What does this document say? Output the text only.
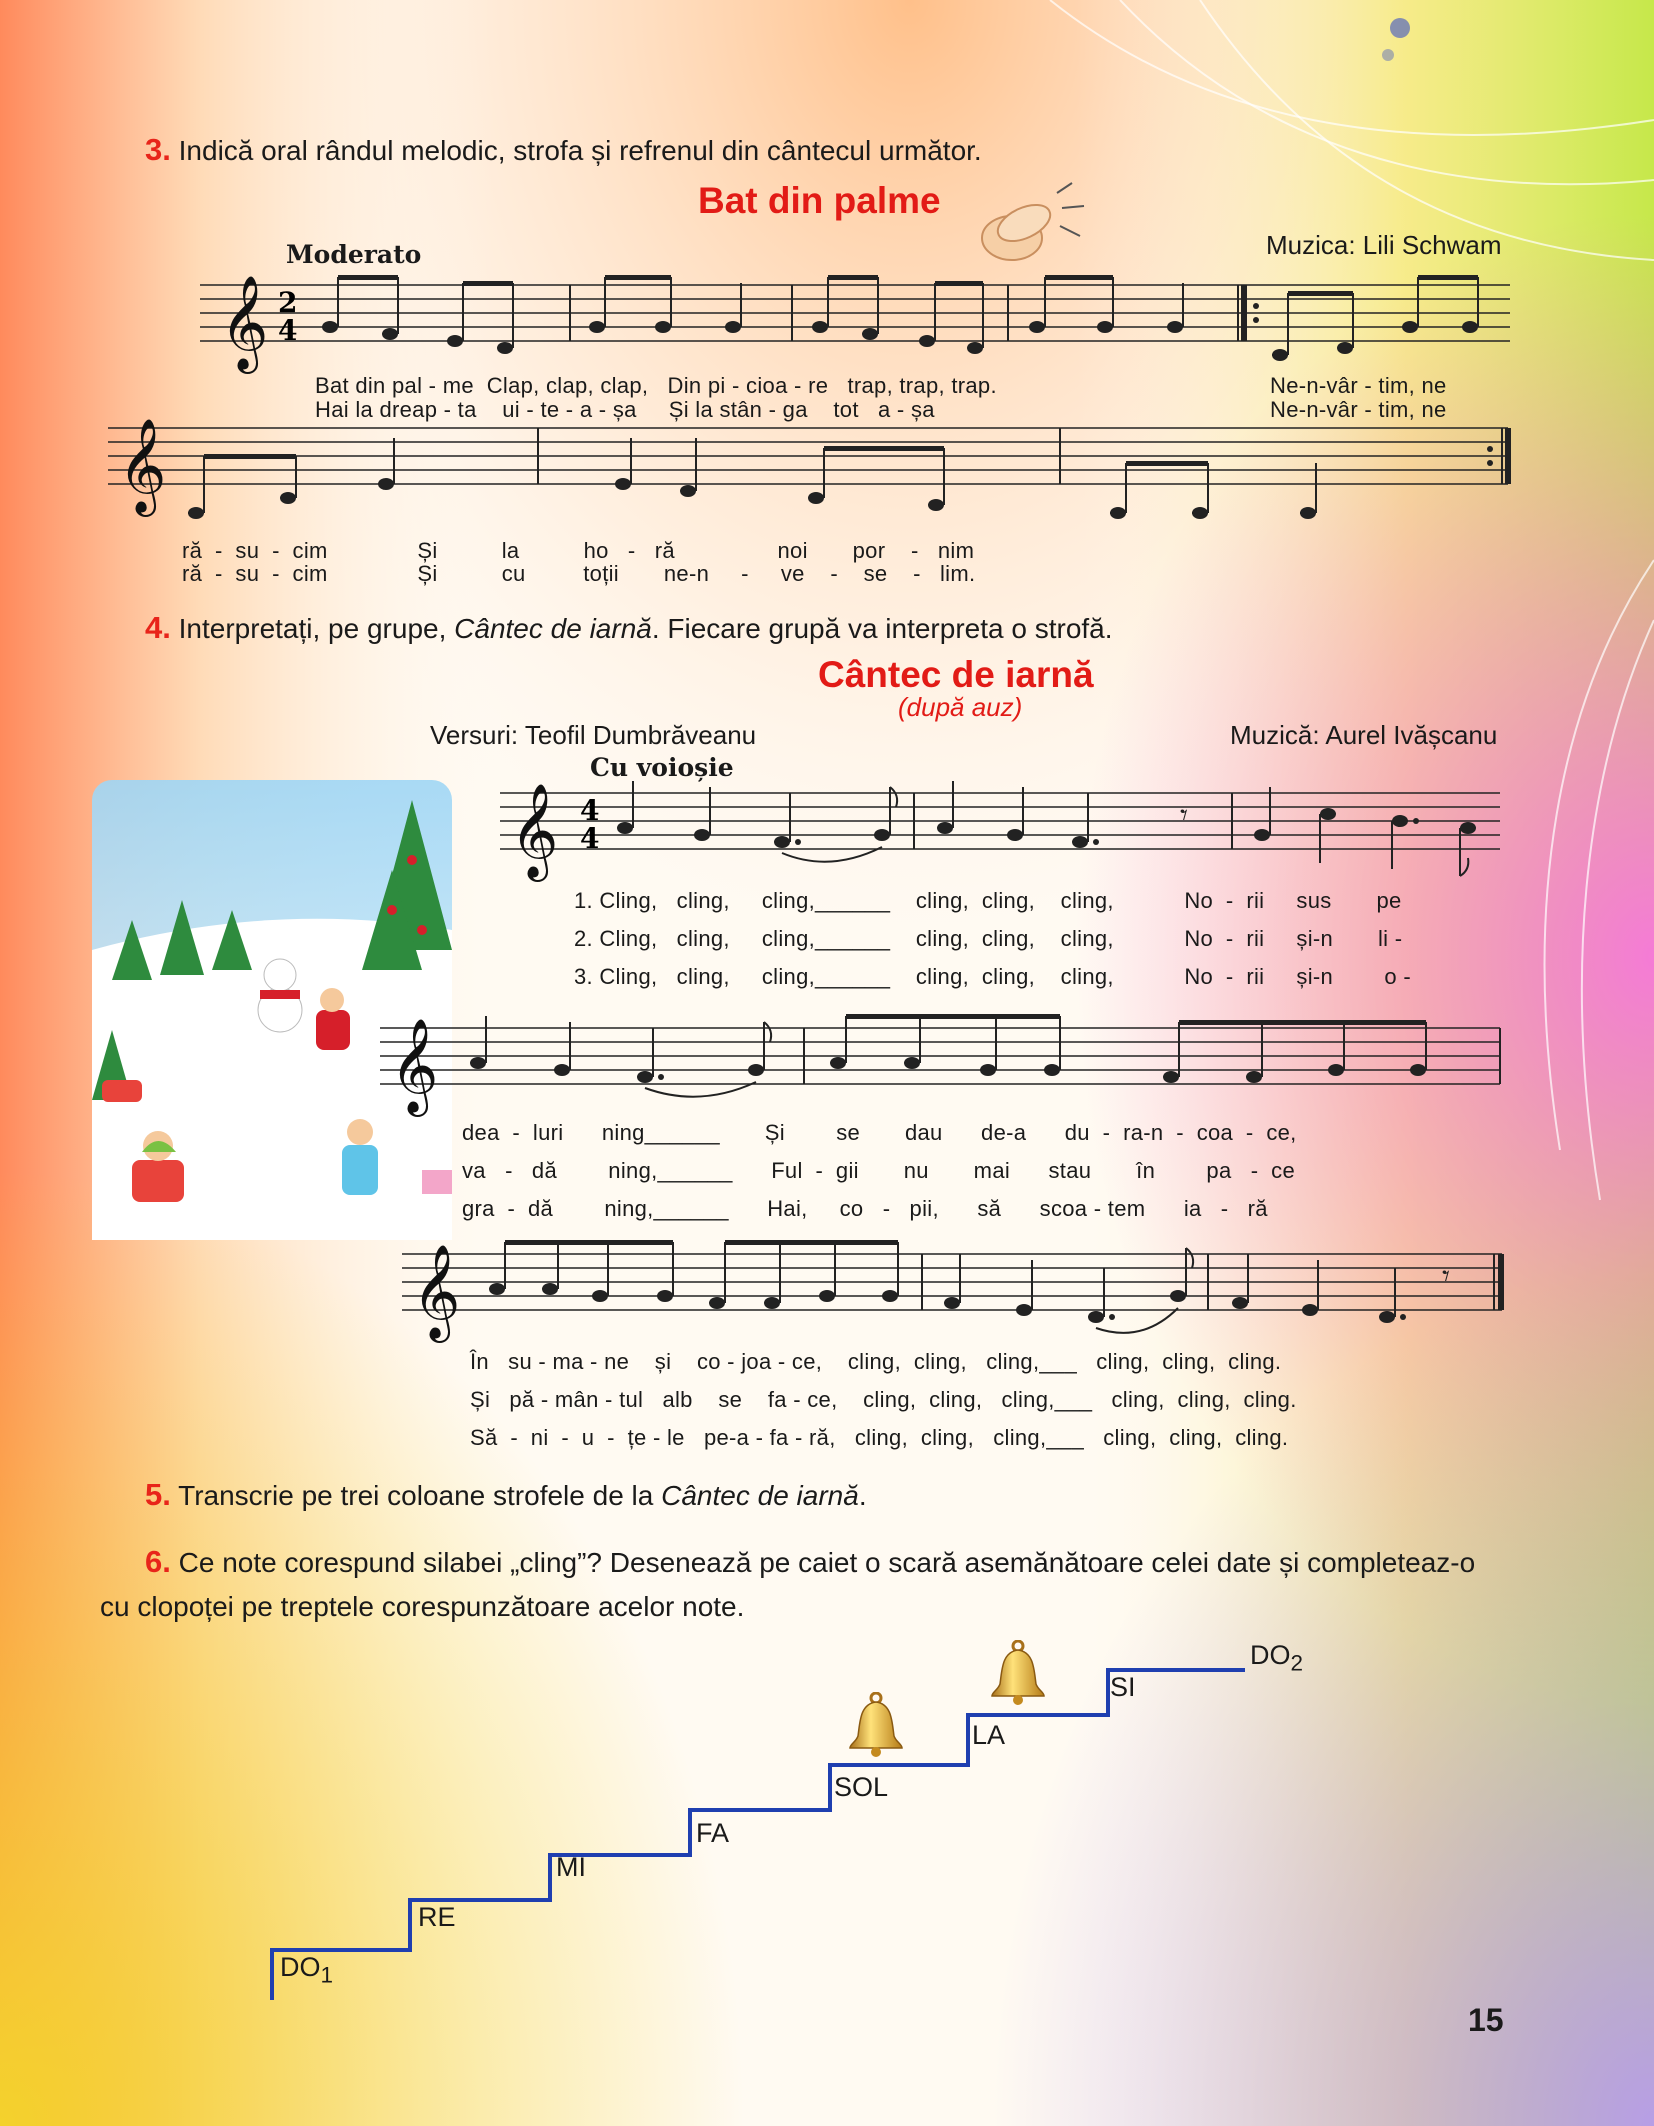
3. Indică oral rândul melodic, strofa și refrenul din cântecul următor.
Bat din palme
Muzica: Lili Schwam
Moderato
𝄞 2
4
Bat din pal - me  Clap, clap, clap,   Din pi - cioa - re   trap, trap, trap.
Hai la dreap - ta    ui - te - a - șa     Și la stân - ga    tot   a - șa
Ne-n-vâr - tim, ne
Ne-n-vâr - tim, ne
𝄞
ră  -  su  -  cim              Și          la          ho   -   ră                noi       por    -   nim
ră  -  su  -  cim              Și          cu         toții       ne-n     -     ve    -    se    -   lim.
4. Interpretați, pe grupe, Cântec de iarnă. Fiecare grupă va interpreta o strofă.
Cântec de iarnă
(după auz)
Versuri: Teofil Dumbrăveanu	Muzică: Aurel Ivășcanu
Cu voioșie
𝄞 4
4
𝄾
1. Cling,   cling,     cling,______    cling,  cling,    cling,           No  -  rii     sus       pe
2. Cling,   cling,     cling,______    cling,  cling,    cling,           No  -  rii     și-n       li -
3. Cling,   cling,     cling,______    cling,  cling,    cling,           No  -  rii     și-n        o -
𝄞
dea  -  luri      ning______       Și        se       dau      de-a      du  -  ra-n  -  coa  -  ce,
va   -   dă        ning,______      Ful  -  gii       nu       mai      stau       în        pa   -  ce
gra  -  dă        ning,______      Hai,     co   -   pii,      să      scoa - tem      ia   -   ră
𝄞	𝄾
În   su - ma - ne    și    co - joa - ce,    cling,  cling,   cling,___   cling,  cling,  cling.
Și   pă - mân - tul   alb    se    fa - ce,    cling,  cling,   cling,___   cling,  cling,  cling.
Să  -  ni  -  u  -  țe - le   pe-a - fa - ră,   cling,  cling,   cling,___   cling,  cling,  cling.
5. Transcrie pe trei coloane strofele de la Cântec de iarnă.
6. Ce note corespund silabei „cling”? Desenează pe caiet o scară asemănătoare celei date și completeaz-o
cu clopoței pe treptele corespunzătoare acelor note.
$DO_1$
RE
MI
FA
SOL
LA
SI
$DO_2$
15
